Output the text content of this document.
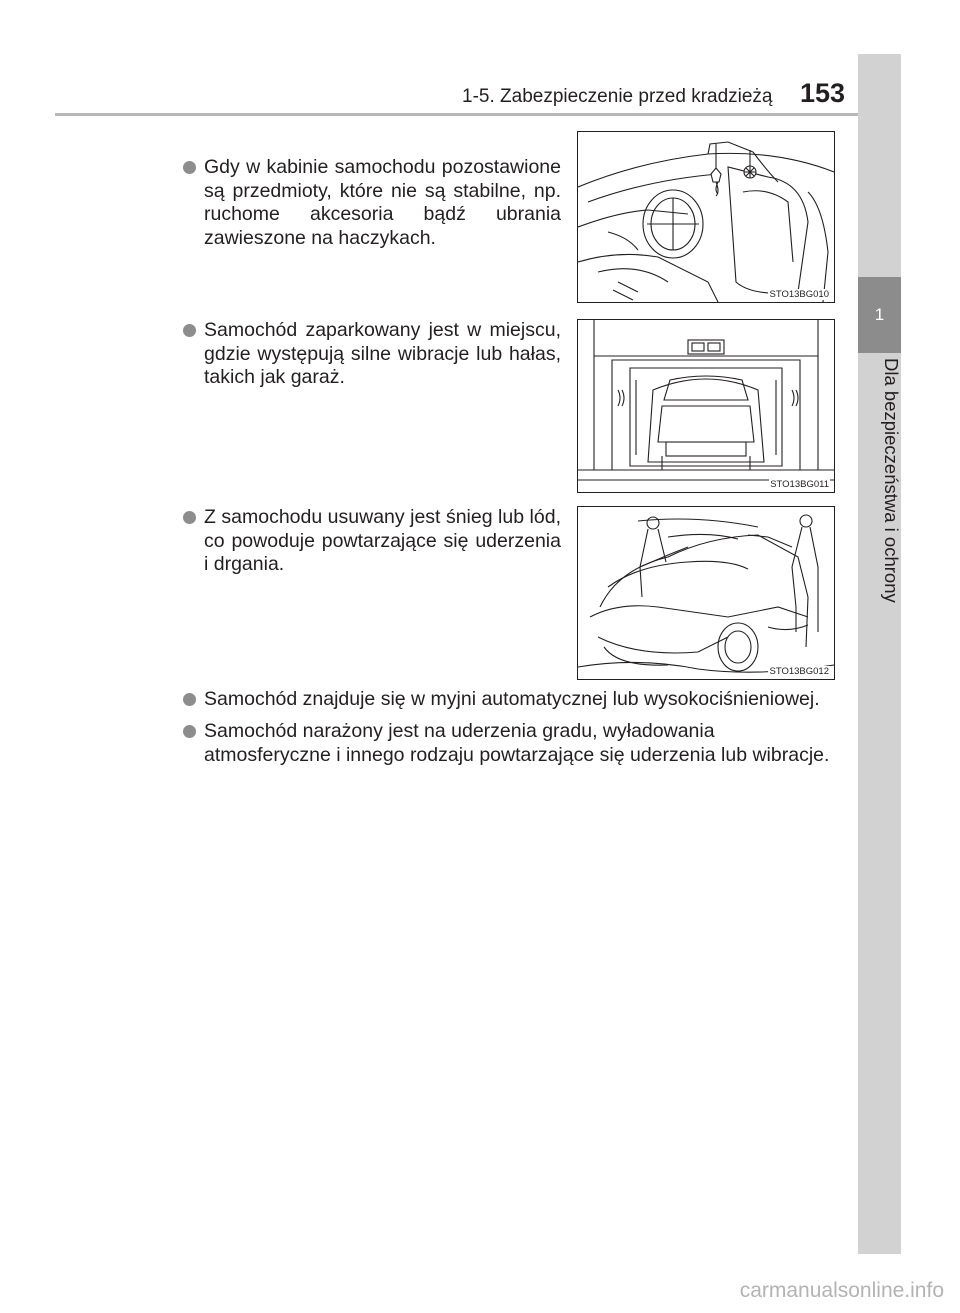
1-5. Zabezpieczenie przed kradzieżą 153
1
Dla bezpieczeństwa i ochrony
Gdy w kabinie samochodu pozostawione są przedmioty, które nie są stabilne, np. ruchome akcesoria bądź ubrania zawieszone na haczykach.
Samochód zaparkowany jest w miejscu, gdzie występują silne wibracje lub hałas, takich jak garaż.
Z samochodu usuwany jest śnieg lub lód, co powoduje powtarzające się uderzenia i drgania.
Samochód znajduje się w myjni automatycznej lub wysokociśnieniowej.
Samochód narażony jest na uderzenia gradu, wyładowania atmosferyczne i innego rodzaju powtarzające się uderzenia lub wibracje.
STO13BG010
STO13BG011
STO13BG012
carmanualsonline.info
